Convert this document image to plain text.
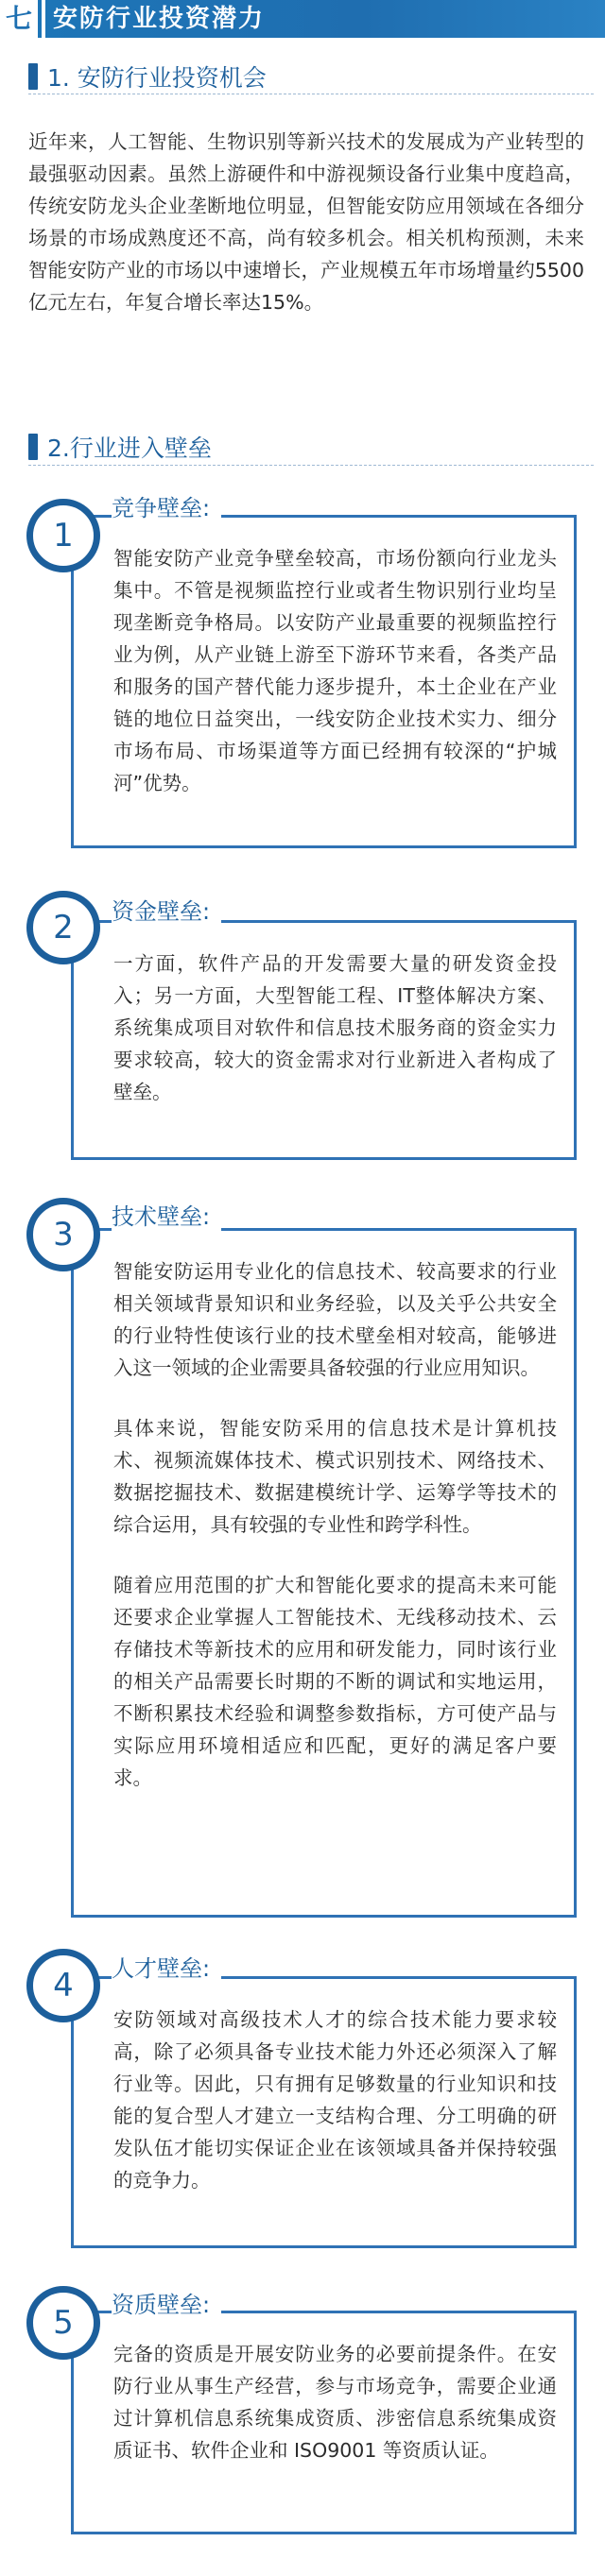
七 安防行业投资潜力
1. 安防行业投资机会
近年来，人工智能、生物识别等新兴技术的发展成为产业转型的最强驱动因素。虽然上游硬件和中游视频设备行业集中度趋高，传统安防龙头企业垄断地位明显，但智能安防应用领域在各细分场景的市场成熟度还不高，尚有较多机会。相关机构预测，未来智能安防产业的市场以中速增长，产业规模五年市场增量约5500亿元左右，年复合增长率达15%。
2.行业进入壁垒

智能安防产业竞争壁垒较高，市场份额向行业龙头集中。不管是视频监控行业或者生物识别行业均呈现垄断竞争格局。以安防产业最重要的视频监控行业为例，从产业链上游至下游环节来看，各类产品和服务的国产替代能力逐步提升，本土企业在产业链的地位日益突出，一线安防企业技术实力、细分市场布局、市场渠道等方面已经拥有较深的“护城河”优势。

1
竞争壁垒:

一方面，软件产品的开发需要大量的研发资金投入；另一方面，大型智能工程、IT整体解决方案、系统集成项目对软件和信息技术服务商的资金实力要求较高，较大的资金需求对行业新进入者构成了壁垒。

2	资金壁垒:

智能安防运用专业化的信息技术、较高要求的行业相关领域背景知识和业务经验，以及关乎公共安全的行业特性使该行业的技术壁垒相对较高，能够进入这一领域的企业需要具备较强的行业应用知识。

具体来说，智能安防采用的信息技术是计算机技术、视频流媒体技术、模式识别技术、网络技术、数据挖掘技术、数据建模统计学、运筹学等技术的综合运用，具有较强的专业性和跨学科性。

随着应用范围的扩大和智能化要求的提高未来可能还要求企业掌握人工智能技术、无线移动技术、云存储技术等新技术的应用和研发能力，同时该行业的相关产品需要长时期的不断的调试和实地运用，不断积累技术经验和调整参数指标，方可使产品与实际应用环境相适应和匹配，更好的满足客户要求。

3	技术壁垒:

安防领域对高级技术人才的综合技术能力要求较高，除了必须具备专业技术能力外还必须深入了解行业等。因此，只有拥有足够数量的行业知识和技能的复合型人才建立一支结构合理、分工明确的研发队伍才能切实保证企业在该领域具备并保持较强的竞争力。

4	人才壁垒:

完备的资质是开展安防业务的必要前提条件。在安防行业从事生产经营，参与市场竞争，需要企业通过计算机信息系统集成资质、涉密信息系统集成资质证书、软件企业和 ISO9001 等资质认证。

5	资质壁垒:
